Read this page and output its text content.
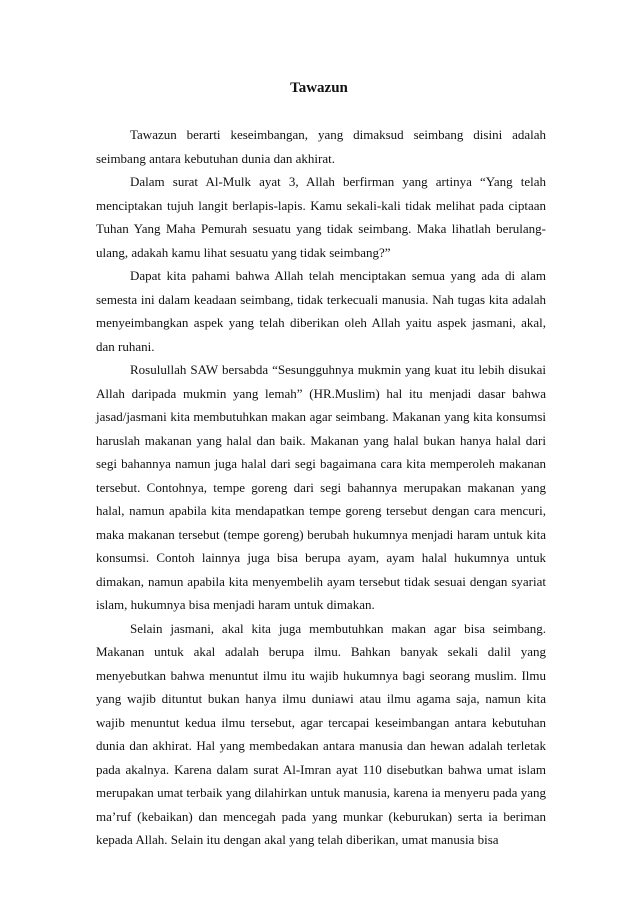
Tawazun

Tawazun berarti keseimbangan, yang dimaksud seimbang disini adalah seimbang antara kebutuhan dunia dan akhirat.

Dalam surat Al-Mulk ayat 3, Allah berfirman yang artinya “Yang telah menciptakan tujuh langit berlapis-lapis. Kamu sekali-kali tidak melihat pada ciptaan Tuhan Yang Maha Pemurah sesuatu yang tidak seimbang. Maka lihatlah berulang-ulang, adakah kamu lihat sesuatu yang tidak seimbang?”

Dapat kita pahami bahwa Allah telah menciptakan semua yang ada di alam semesta ini dalam keadaan seimbang, tidak terkecuali manusia. Nah tugas kita adalah menyeimbangkan aspek yang telah diberikan oleh Allah yaitu aspek jasmani, akal, dan ruhani.

Rosulullah SAW bersabda “Sesungguhnya mukmin yang kuat itu lebih disukai Allah daripada mukmin yang lemah” (HR.Muslim) hal itu menjadi dasar bahwa jasad/jasmani kita membutuhkan makan agar seimbang. Makanan yang kita konsumsi haruslah makanan yang halal dan baik. Makanan yang halal bukan hanya halal dari segi bahannya namun juga halal dari segi bagaimana cara kita memperoleh makanan tersebut. Contohnya, tempe goreng dari segi bahannya merupakan makanan yang halal, namun apabila kita mendapatkan tempe goreng tersebut dengan cara mencuri, maka makanan tersebut (tempe goreng) berubah hukumnya menjadi haram untuk kita konsumsi. Contoh lainnya juga bisa berupa ayam, ayam halal hukumnya untuk dimakan, namun apabila kita menyembelih ayam tersebut tidak sesuai dengan syariat islam, hukumnya bisa menjadi haram untuk dimakan.

Selain jasmani, akal kita juga membutuhkan makan agar bisa seimbang. Makanan untuk akal adalah berupa ilmu. Bahkan banyak sekali dalil yang menyebutkan bahwa menuntut ilmu itu wajib hukumnya bagi seorang muslim. Ilmu yang wajib dituntut bukan hanya ilmu duniawi atau ilmu agama saja, namun kita wajib menuntut kedua ilmu tersebut, agar tercapai keseimbangan antara kebutuhan dunia dan akhirat. Hal yang membedakan antara manusia dan hewan adalah terletak pada akalnya. Karena dalam surat Al-Imran ayat 110 disebutkan bahwa umat islam merupakan umat terbaik yang dilahirkan untuk manusia, karena ia menyeru pada yang ma’ruf (kebaikan) dan mencegah pada yang munkar (keburukan) serta ia beriman kepada Allah. Selain itu dengan akal yang telah diberikan, umat manusia bisa
